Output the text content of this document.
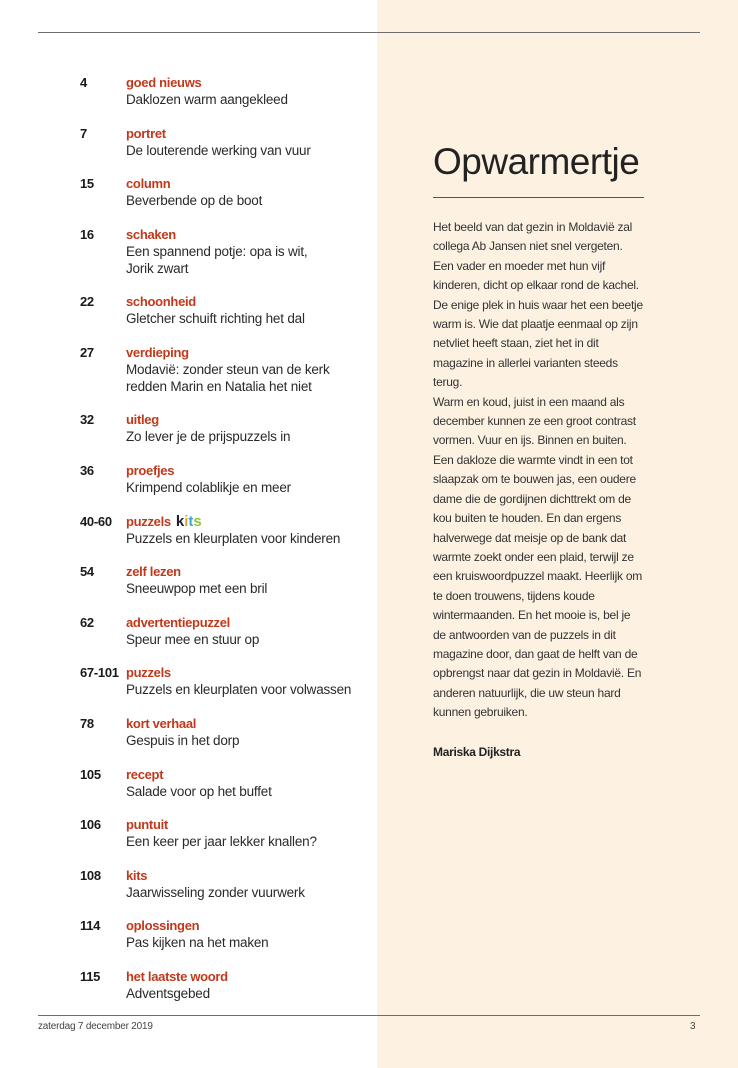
4	goed nieuws
Daklozen warm aangekleed
7	portret
De louterende werking van vuur
15	column
Beverbende op de boot
16	schaken
Een spannend potje: opa is wit,
Jorik zwart
22	schoonheid
Gletcher schuift richting het dal
27	verdieping
Modavië: zonder steun van de kerk
redden Marin en Natalia het niet
32	uitleg
Zo lever je de prijspuzzels in
36	proefjes
Krimpend colablikje en meer
40-60	puzzels k i t s
Puzzels en kleurplaten voor kinderen
54	zelf lezen
Sneeuwpop met een bril
62	advertentiepuzzel
Speur mee en stuur op
67-101 puzzels
Puzzels en kleurplaten voor volwassen
78	kort verhaal
Gespuis in het dorp
105	recept
Salade voor op het buffet
106	puntuit
Een keer per jaar lekker knallen?
108	kits
Jaarwisseling zonder vuurwerk
114	oplossingen
Pas kijken na het maken
115	het laatste woord
Adventsgebed
Opwarmertje

Het beeld van dat gezin in Moldavië zal collega Ab Jansen niet snel vergeten. Een vader en moeder met hun vijf kinderen, dicht op elkaar rond de kachel. De enige plek in huis waar het een beetje warm is. Wie dat plaatje eenmaal op zijn netvliet heeft staan, ziet het in dit magazine in allerlei varianten steeds terug.
Warm en koud, juist in een maand als december kunnen ze een groot contrast vormen. Vuur en ijs. Binnen en buiten. Een dakloze die warmte vindt in een tot slaapzak om te bouwen jas, een oudere dame die de gordijnen dichttrekt om de kou buiten te houden. En dan ergens halverwege dat meisje op de bank dat warmte zoekt onder een plaid, terwijl ze een kruiswoordpuzzel maakt. Heerlijk om te doen trouwens, tijdens koude wintermaanden. En het mooie is, bel je de antwoorden van de puzzels in dit magazine door, dan gaat de helft van de opbrengst naar dat gezin in Moldavië. En anderen natuurlijk, die uw steun hard kunnen gebruiken.

Mariska Dijkstra
zaterdag 7 december 2019	3
